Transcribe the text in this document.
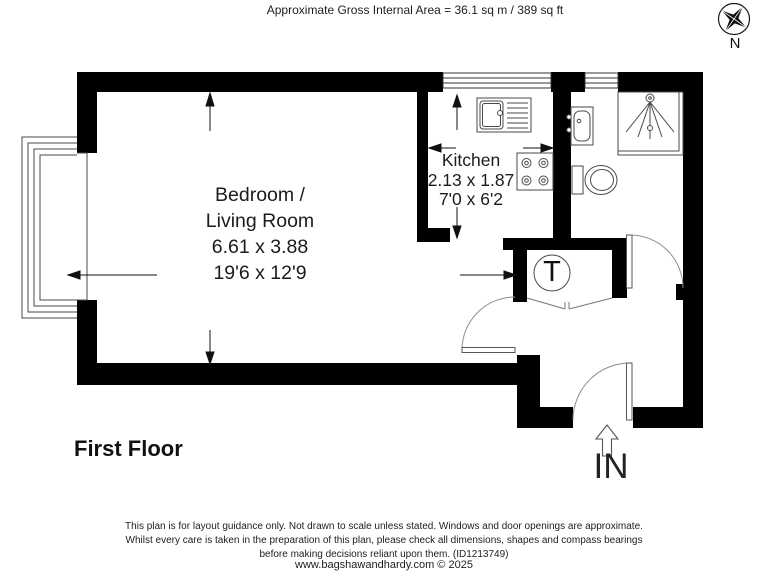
Approximate Gross Internal Area = 36.1 sq m / 389 sq ft
N
Bedroom /
Living Room
6.61 x 3.88
19'6 x 12'9
Kitchen
2.13 x 1.87
7'0 x 6'2
T
First Floor	IN
This plan is for layout guidance only. Not drawn to scale unless stated. Windows and door openings are approximate.
Whilst every care is taken in the preparation of this plan, please check all dimensions, shapes and compass bearings
before making decisions reliant upon them. (ID1213749)
www.bagshawandhardy.com © 2025
